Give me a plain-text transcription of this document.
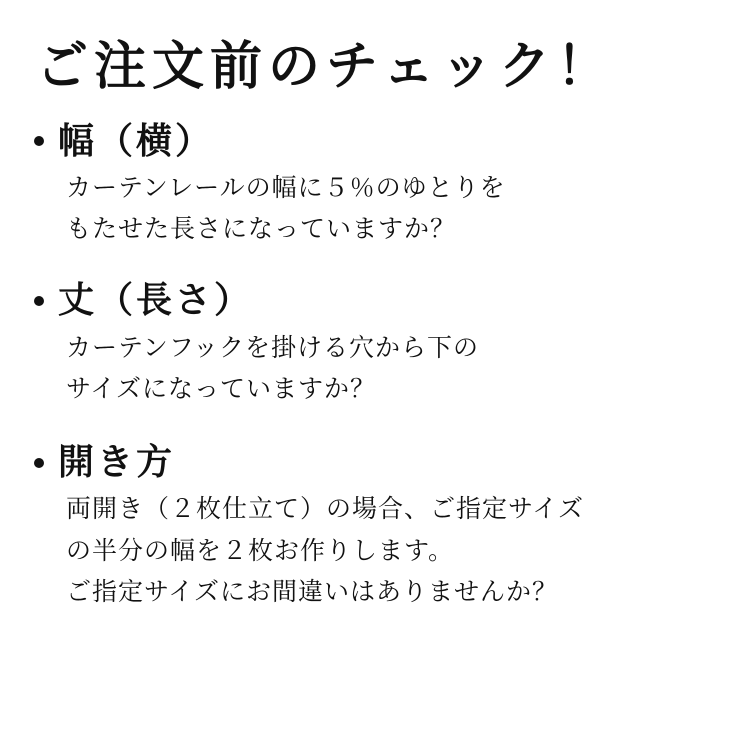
ご注文前のチェック！
幅（横）
カーテンレールの幅に５％のゆとりを
もたせた長さになっていますか？
丈（長さ）
カーテンフックを掛ける穴から下の
サイズになっていますか？
開き方
両開き（２枚仕立て）の場合、ご指定サイズ
の半分の幅を２枚お作りします。
ご指定サイズにお間違いはありませんか？
